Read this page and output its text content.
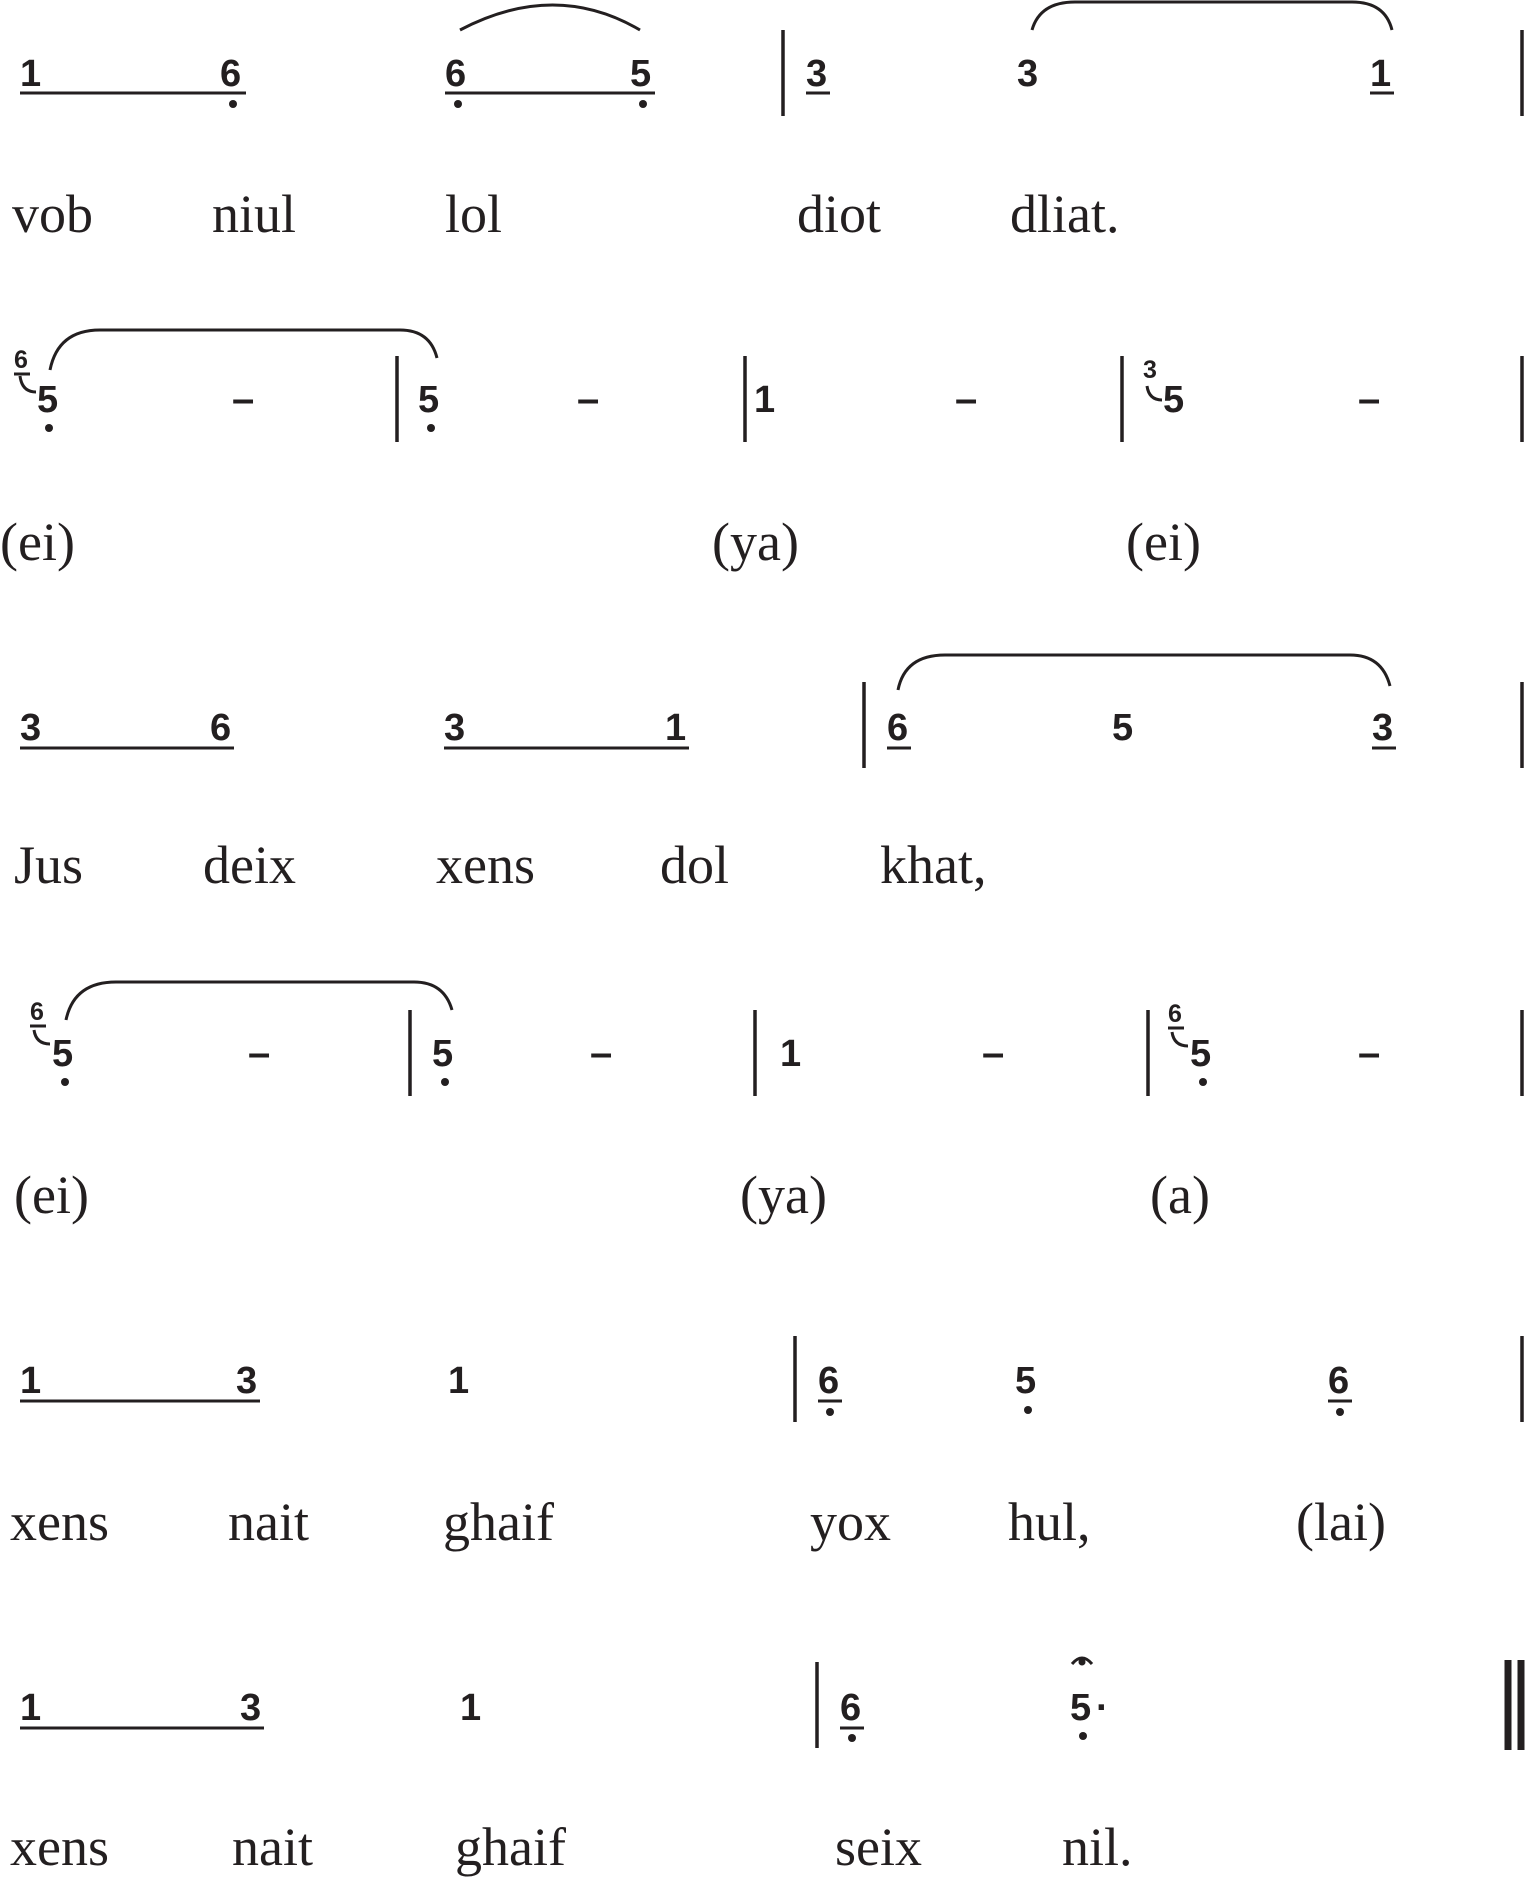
1	6	6	5	3	3	1
vob niul	lol	diot dliat.
6
5	–	5	–	1	–
3
5	–
(ei)	(ya)	(ei)
3	6	3	1	6	5	3
Jus deix	xens dol	khat,
6
5	–	5	–	1	–
6
5	–
(ei)	(ya)	(a)
1	3	1	6	5	6
xens nait ghaif	yox hul,	(lai)
1	3	1	6	5 ·
xens nait	ghaif	seix	nil.
